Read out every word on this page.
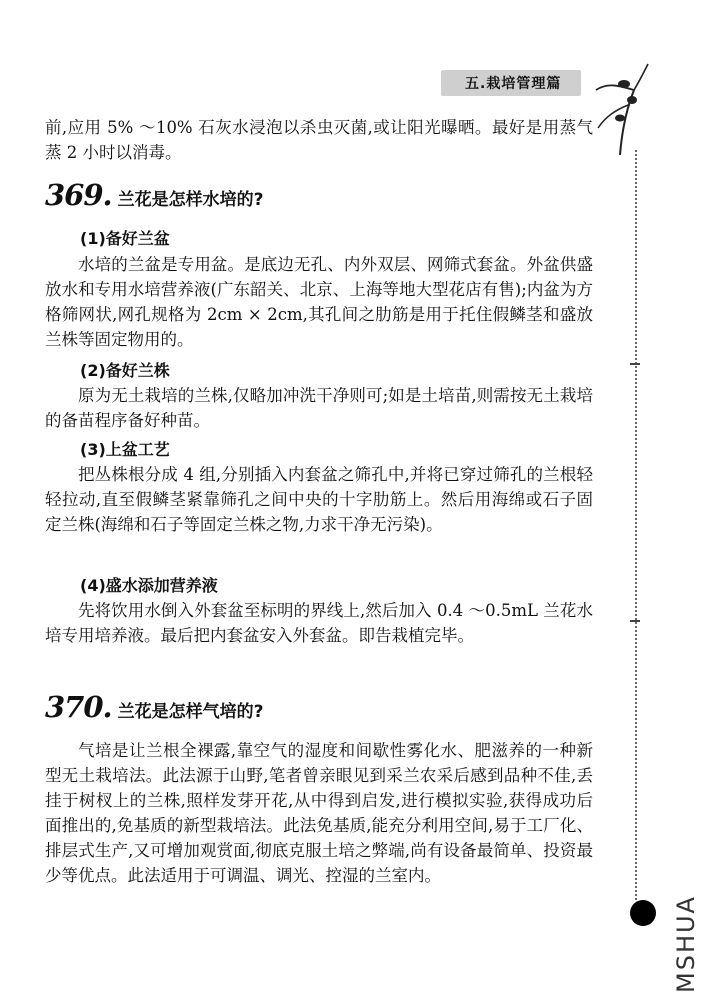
五.栽培管理篇
前,应用 5% ～10% 石灰水浸泡以杀虫灭菌,或让阳光曝晒。最好是用蒸气蒸 2 小时以消毒。
369. 兰花是怎样水培的?
(1)备好兰盆
水培的兰盆是专用盆。是底边无孔、内外双层、网筛式套盆。外盆供盛放水和专用水培营养液(广东韶关、北京、上海等地大型花店有售);内盆为方格筛网状,网孔规格为 2cm × 2cm,其孔间之肋筋是用于托住假鳞茎和盛放兰株等固定物用的。
(2)备好兰株
原为无土栽培的兰株,仅略加冲洗干净则可;如是土培苗,则需按无土栽培的备苗程序备好种苗。
(3)上盆工艺
把丛株根分成 4 组,分别插入内套盆之筛孔中,并将已穿过筛孔的兰根轻轻拉动,直至假鳞茎紧靠筛孔之间中央的十字肋筋上。然后用海绵或石子固定兰株(海绵和石子等固定兰株之物,力求干净无污染)。
(4)盛水添加营养液
先将饮用水倒入外套盆至标明的界线上,然后加入 0.4 ～0.5mL 兰花水培专用培养液。最后把内套盆安入外套盆。即告栽植完毕。
370. 兰花是怎样气培的?
气培是让兰根全裸露,靠空气的湿度和间歇性雾化水、肥滋养的一种新型无土栽培法。此法源于山野,笔者曾亲眼见到采兰农采后感到品种不佳,丢挂于树杈上的兰株,照样发芽开花,从中得到启发,进行模拟实验,获得成功后面推出的,免基质的新型栽培法。此法免基质,能充分利用空间,易于工厂化、排层式生产,又可增加观赏面,彻底克服土培之弊端,尚有设备最简单、投资最少等优点。此法适用于可调温、调光、控湿的兰室内。
MSHUA
